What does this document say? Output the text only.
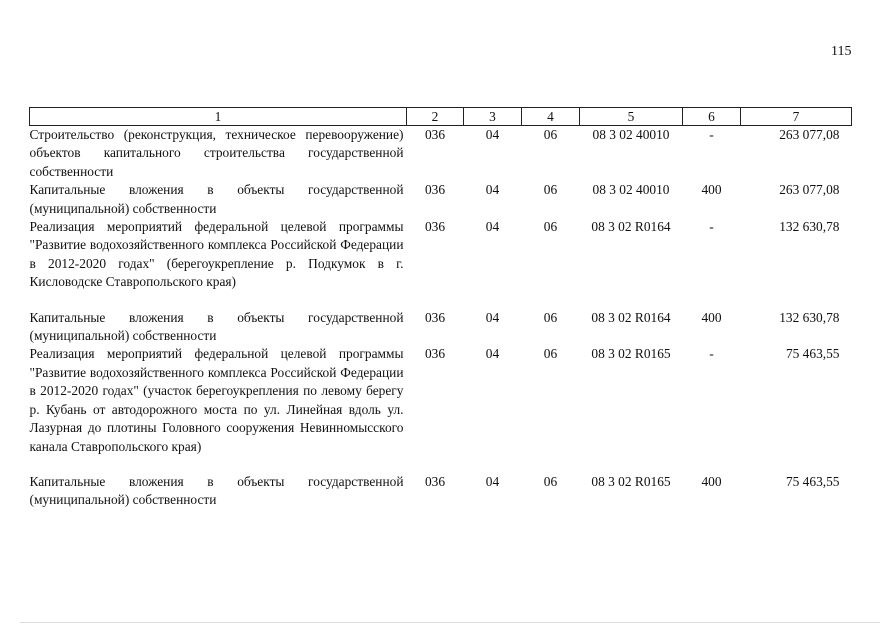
115
1	2	3	4	5	6	7
Строительство (реконструкция, техническое перевооружение) объектов капитального строительства государственной собственности	036	04	06	08 3 02 40010	-	263 077,08
Капитальные вложения в объекты государственной (муниципальной) собственности	036	04	06	08 3 02 40010	400	263 077,08
Реализация мероприятий федеральной целевой программы "Развитие водохозяйственного комплекса Российской Федерации в 2012-2020 годах" (берегоукрепление р. Подкумок в г. Кисловодске Ставропольского края)	036	04	06	08 3 02 R0164	-	132 630,78

Капитальные вложения в объекты государственной (муниципальной) собственности	036	04	06	08 3 02 R0164	400	132 630,78
Реализация мероприятий федеральной целевой программы "Развитие водохозяйственного комплекса Российской Федерации в 2012-2020 годах" (участок берегоукрепления по левому берегу р. Кубань от автодорожного моста по ул. Линейная вдоль ул. Лазурная до плотины Головного сооружения Невинномысского канала Ставропольского края)	036	04	06	08 3 02 R0165	-	75 463,55

Капитальные вложения в объекты государственной (муниципальной) собственности	036	04	06	08 3 02 R0165	400	75 463,55
